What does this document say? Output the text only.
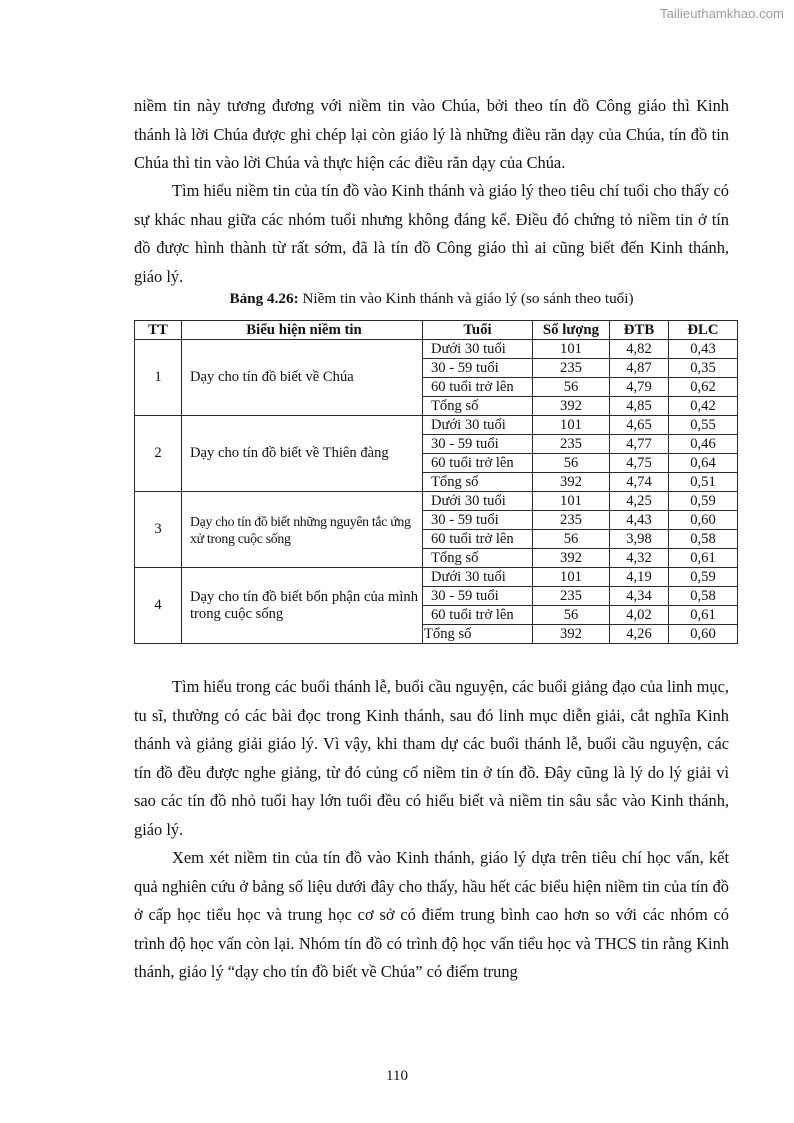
Tailieuthamkhao.com

niềm tin này tương đương với niềm tin vào Chúa, bởi theo tín đồ Công giáo thì Kinh thánh là lời Chúa được ghi chép lại còn giáo lý là những điều răn dạy của Chúa, tín đồ tin Chúa thì tin vào lời Chúa và thực hiện các điều răn dạy của Chúa.

Tìm hiểu niềm tin của tín đồ vào Kinh thánh và giáo lý theo tiêu chí tuổi cho thấy có sự khác nhau giữa các nhóm tuổi nhưng không đáng kể. Điều đó chứng tỏ niềm tin ở tín đồ được hình thành từ rất sớm, đã là tín đồ Công giáo thì ai cũng biết đến Kinh thánh, giáo lý.

Bảng 4.26: Niềm tin vào Kinh thánh và giáo lý (so sánh theo tuổi)

TT	Biểu hiện niềm tin	Tuổi	Số lượng	ĐTB	ĐLC
1	Dạy cho tín đồ biết về Chúa	Dưới 30 tuổi	101	4,82	0,43
		30 - 59 tuổi	235	4,87	0,35
		60 tuổi trở lên	56	4,79	0,62
		Tổng số	392	4,85	0,42
2	Dạy cho tín đồ biết về Thiên đàng	Dưới 30 tuổi	101	4,65	0,55
		30 - 59 tuổi	235	4,77	0,46
		60 tuổi trở lên	56	4,75	0,64
		Tổng số	392	4,74	0,51
3	Dạy cho tín đồ biết những nguyên tắc ứng xử trong cuộc sống	Dưới 30 tuổi	101	4,25	0,59
		30 - 59 tuổi	235	4,43	0,60
		60 tuổi trở lên	56	3,98	0,58
		Tổng số	392	4,32	0,61
4	Dạy cho tín đồ biết bổn phận của mình trong cuộc sống	Dưới 30 tuổi	101	4,19	0,59
		30 - 59 tuổi	235	4,34	0,58
		60 tuổi trở lên	56	4,02	0,61
		Tổng số	392	4,26	0,60

Tìm hiểu trong các buổi thánh lễ, buổi cầu nguyện, các buổi giảng đạo của linh mục, tu sĩ, thường có các bài đọc trong Kinh thánh, sau đó linh mục diễn giải, cắt nghĩa Kinh thánh và giảng giải giáo lý. Vì vậy, khi tham dự các buổi thánh lễ, buổi cầu nguyện, các tín đồ đều được nghe giảng, từ đó củng cố niềm tin ở tín đồ. Đây cũng là lý do lý giải vì sao các tín đồ nhỏ tuổi hay lớn tuổi đều có hiểu biết và niềm tin sâu sắc vào Kinh thánh, giáo lý.

Xem xét niềm tin của tín đồ vào Kinh thánh, giáo lý dựa trên tiêu chí học vấn, kết quả nghiên cứu ở bảng số liệu dưới đây cho thấy, hầu hết các biểu hiện niềm tin của tín đồ ở cấp học tiểu học và trung học cơ sở có điểm trung bình cao hơn so với các nhóm có trình độ học vấn còn lại. Nhóm tín đồ có trình độ học vấn tiểu học và THCS tin rằng Kinh thánh, giáo lý “dạy cho tín đồ biết về Chúa” có điểm trung

110
